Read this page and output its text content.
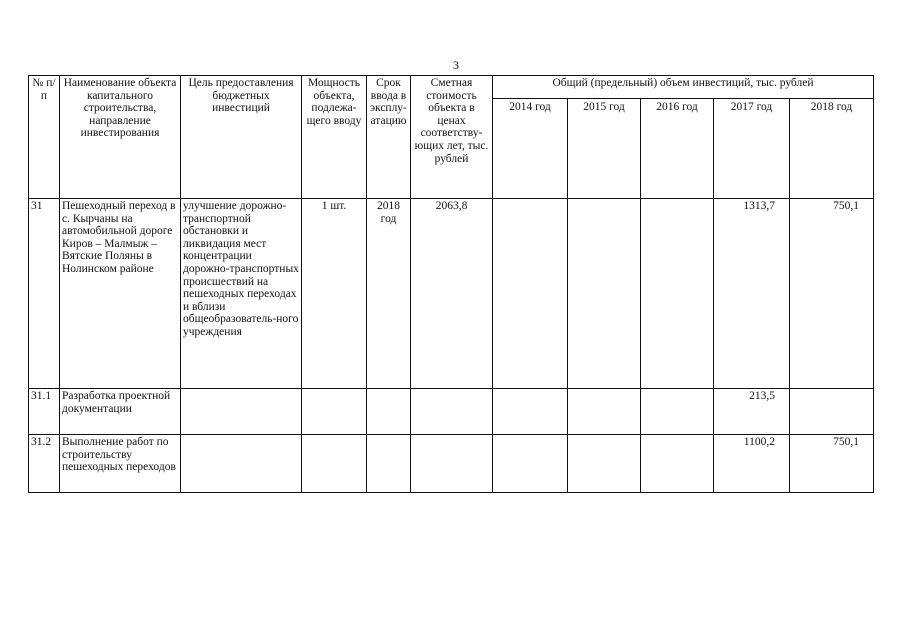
3
№ п/п	Наименование объекта капитального строительства, направление инвестирования	Цель предоставления бюджетных инвестиций	Мощность объекта, подлежа-щего вводу	Срок ввода в эксплу-атацию	Сметная стоимость объекта в ценах соответству-ющих лет, тыс. рублей	Общий (предельный) объем инвестиций, тыс. рублей				
						2014 год	2015 год	2016 год	2017 год	2018 год
31	Пешеходный переход в с. Кырчаны на автомобильной дороге Киров – Малмыж – Вятские Поляны в Нолинском районе	улучшение дорожно-транспортной обстановки и ликвидация мест концентрации дорожно-транспортных происшествий на пешеходных переходах и вблизи общеобразователь-ного учреждения	1 шт.	2018 год	2063,8				1313,7	750,1
31.1	Разработка проектной документации								213,5	
31.2	Выполнение работ по строительству пешеходных переходов								1100,2	750,1
